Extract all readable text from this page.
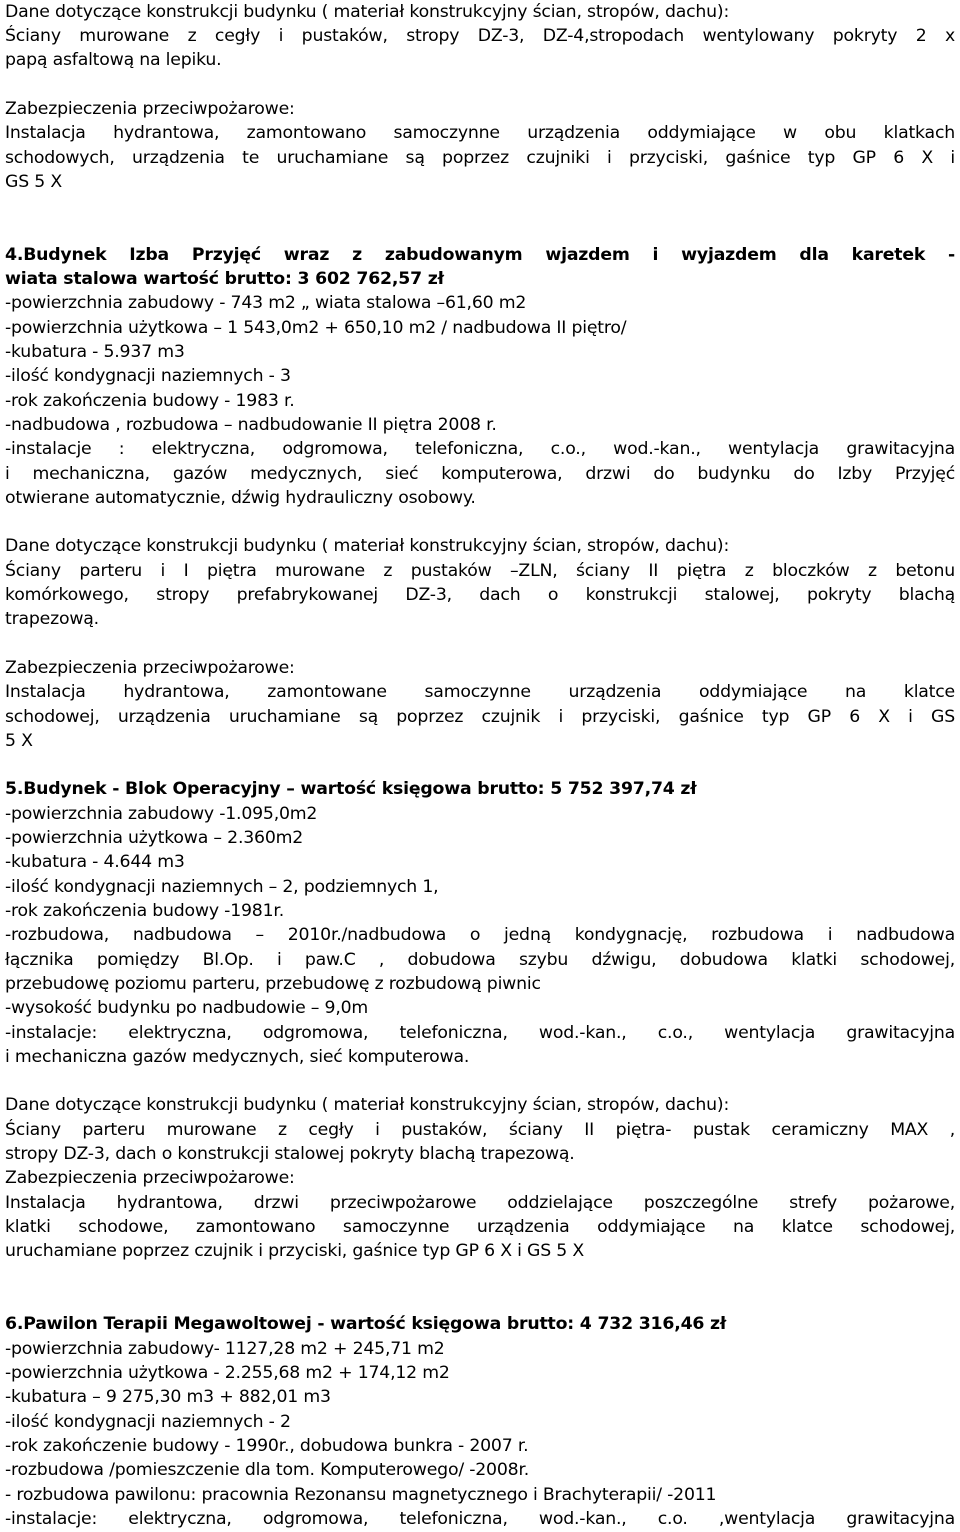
Dane dotyczące konstrukcji budynku ( materiał konstrukcyjny ścian, stropów, dachu):
Ściany murowane z cegły i pustaków, stropy DZ-3, DZ-4,stropodach wentylowany pokryty 2 x
papą asfaltową na lepiku.
Zabezpieczenia przeciwpożarowe:
Instalacja hydrantowa, zamontowano samoczynne urządzenia oddymiające w obu klatkach
schodowych, urządzenia te uruchamiane są poprzez czujniki i przyciski, gaśnice typ GP 6 X i
GS 5 X
4.Budynek Izba Przyjęć wraz z zabudowanym wjazdem i wyjazdem dla karetek -
wiata stalowa wartość brutto: 3 602 762,57 zł
-powierzchnia zabudowy - 743 m2 „ wiata stalowa –61,60 m2
-powierzchnia użytkowa – 1 543,0m2 + 650,10 m2 / nadbudowa II piętro/
-kubatura - 5.937 m3
-ilość kondygnacji naziemnych - 3
-rok zakończenia budowy - 1983 r.
-nadbudowa , rozbudowa – nadbudowanie II piętra 2008 r.
-instalacje : elektryczna, odgromowa, telefoniczna, c.o., wod.-kan., wentylacja grawitacyjna
i mechaniczna, gazów medycznych, sieć komputerowa, drzwi do budynku do Izby Przyjęć
otwierane automatycznie, dźwig hydrauliczny osobowy.
Dane dotyczące konstrukcji budynku ( materiał konstrukcyjny ścian, stropów, dachu):
Ściany parteru i I piętra murowane z pustaków –ZLN, ściany II piętra z bloczków z betonu
komórkowego, stropy prefabrykowanej DZ-3, dach o konstrukcji stalowej, pokryty blachą
trapezową.
Zabezpieczenia przeciwpożarowe:
Instalacja hydrantowa, zamontowane samoczynne urządzenia oddymiające na klatce
schodowej, urządzenia uruchamiane są poprzez czujnik i przyciski, gaśnice typ GP 6 X i GS
5 X
5.Budynek - Blok Operacyjny – wartość księgowa brutto: 5 752 397,74 zł
-powierzchnia zabudowy -1.095,0m2
-powierzchnia użytkowa – 2.360m2
-kubatura - 4.644 m3
-ilość kondygnacji naziemnych – 2, podziemnych 1,
-rok zakończenia budowy -1981r.
-rozbudowa, nadbudowa – 2010r./nadbudowa o jedną kondygnację, rozbudowa i nadbudowa
łącznika pomiędzy Bl.Op. i paw.C , dobudowa szybu dźwigu, dobudowa klatki schodowej,
przebudowę poziomu parteru, przebudowę z rozbudową piwnic
-wysokość budynku po nadbudowie – 9,0m
-instalacje: elektryczna, odgromowa, telefoniczna, wod.-kan., c.o., wentylacja grawitacyjna
i mechaniczna gazów medycznych, sieć komputerowa.
Dane dotyczące konstrukcji budynku ( materiał konstrukcyjny ścian, stropów, dachu):
Ściany parteru murowane z cegły i pustaków, ściany II piętra- pustak ceramiczny MAX ,
stropy DZ-3, dach o konstrukcji stalowej pokryty blachą trapezową.
Zabezpieczenia przeciwpożarowe:
Instalacja hydrantowa, drzwi przeciwpożarowe oddzielające poszczególne strefy pożarowe,
klatki schodowe, zamontowano samoczynne urządzenia oddymiające na klatce schodowej,
uruchamiane poprzez czujnik i przyciski, gaśnice typ GP 6 X i GS 5 X
6.Pawilon Terapii Megawoltowej - wartość księgowa brutto: 4 732 316,46 zł
-powierzchnia zabudowy- 1127,28 m2 + 245,71 m2
-powierzchnia użytkowa - 2.255,68 m2 + 174,12 m2
-kubatura – 9 275,30 m3 + 882,01 m3
-ilość kondygnacji naziemnych - 2
-rok zakończenie budowy - 1990r., dobudowa bunkra - 2007 r.
-rozbudowa /pomieszczenie dla tom. Komputerowego/ -2008r.
- rozbudowa pawilonu: pracownia Rezonansu magnetycznego i Brachyterapii/ -2011
-instalacje: elektryczna, odgromowa, telefoniczna, wod.-kan., c.o. ,wentylacja grawitacyjna
